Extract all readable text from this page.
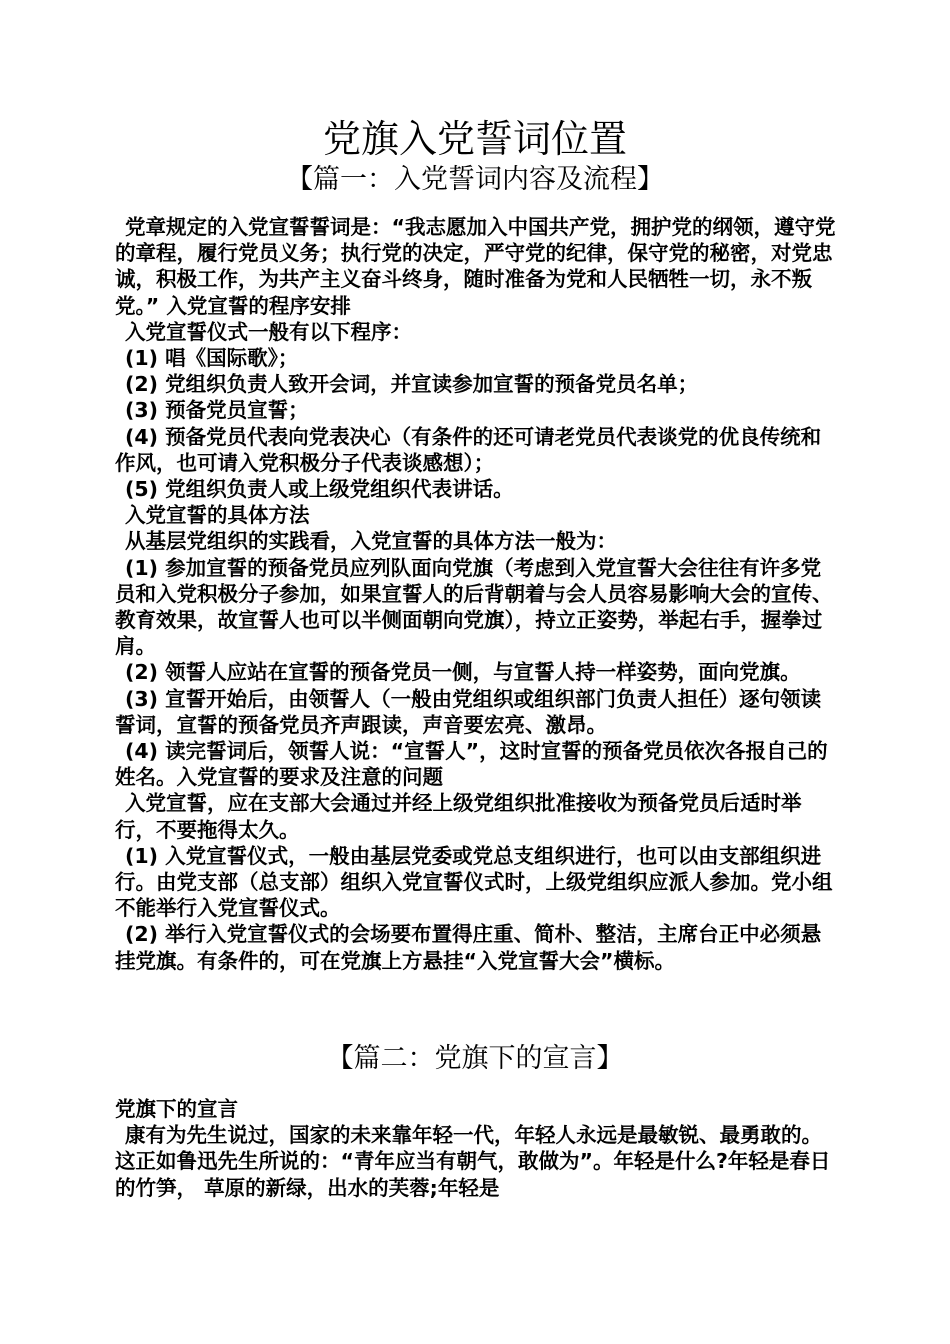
党旗入党誓词位置
【篇一：入党誓词内容及流程】

党章规定的入党宣誓誓词是：“我志愿加入中国共产党，拥护党的纲领，遵守党的章程，履行党员义务；执行党的决定，严守党的纪律，保守党的秘密，对党忠诚，积极工作，为共产主义奋斗终身，随时准备为党和人民牺牲一切，永不叛党。” 入党宣誓的程序安排

入党宣誓仪式一般有以下程序：

(1) 唱《国际歌》；

(2) 党组织负责人致开会词，并宣读参加宣誓的预备党员名单；

(3) 预备党员宣誓；

(4) 预备党员代表向党表决心（有条件的还可请老党员代表谈党的优良传统和作风，也可请入党积极分子代表谈感想）；

(5) 党组织负责人或上级党组织代表讲话。

入党宣誓的具体方法

从基层党组织的实践看，入党宣誓的具体方法一般为：

(1) 参加宣誓的预备党员应列队面向党旗（考虑到入党宣誓大会往往有许多党员和入党积极分子参加，如果宣誓人的后背朝着与会人员容易影响大会的宣传、教育效果，故宣誓人也可以半侧面朝向党旗），持立正姿势，举起右手，握拳过肩。

(2) 领誓人应站在宣誓的预备党员一侧，与宣誓人持一样姿势，面向党旗。

(3) 宣誓开始后，由领誓人（一般由党组织或组织部门负责人担任）逐句领读誓词，宣誓的预备党员齐声跟读，声音要宏亮、激昂。

(4) 读完誓词后，领誓人说：“宣誓人”，这时宣誓的预备党员依次各报自己的姓名。入党宣誓的要求及注意的问题

入党宣誓，应在支部大会通过并经上级党组织批准接收为预备党员后适时举行，不要拖得太久。

(1) 入党宣誓仪式，一般由基层党委或党总支组织进行，也可以由支部组织进行。由党支部（总支部）组织入党宣誓仪式时，上级党组织应派人参加。党小组不能举行入党宣誓仪式。

(2) 举行入党宣誓仪式的会场要布置得庄重、简朴、整洁，主席台正中必须悬挂党旗。有条件的，可在党旗上方悬挂“入党宣誓大会”横标。

【篇二：党旗下的宣言】

党旗下的宣言

康有为先生说过，国家的未来靠年轻一代，年轻人永远是最敏锐、最勇敢的。这正如鲁迅先生所说的：“青年应当有朝气，敢做为”。年轻是什么?年轻是春日的竹笋， 草原的新绿，出水的芙蓉;年轻是
